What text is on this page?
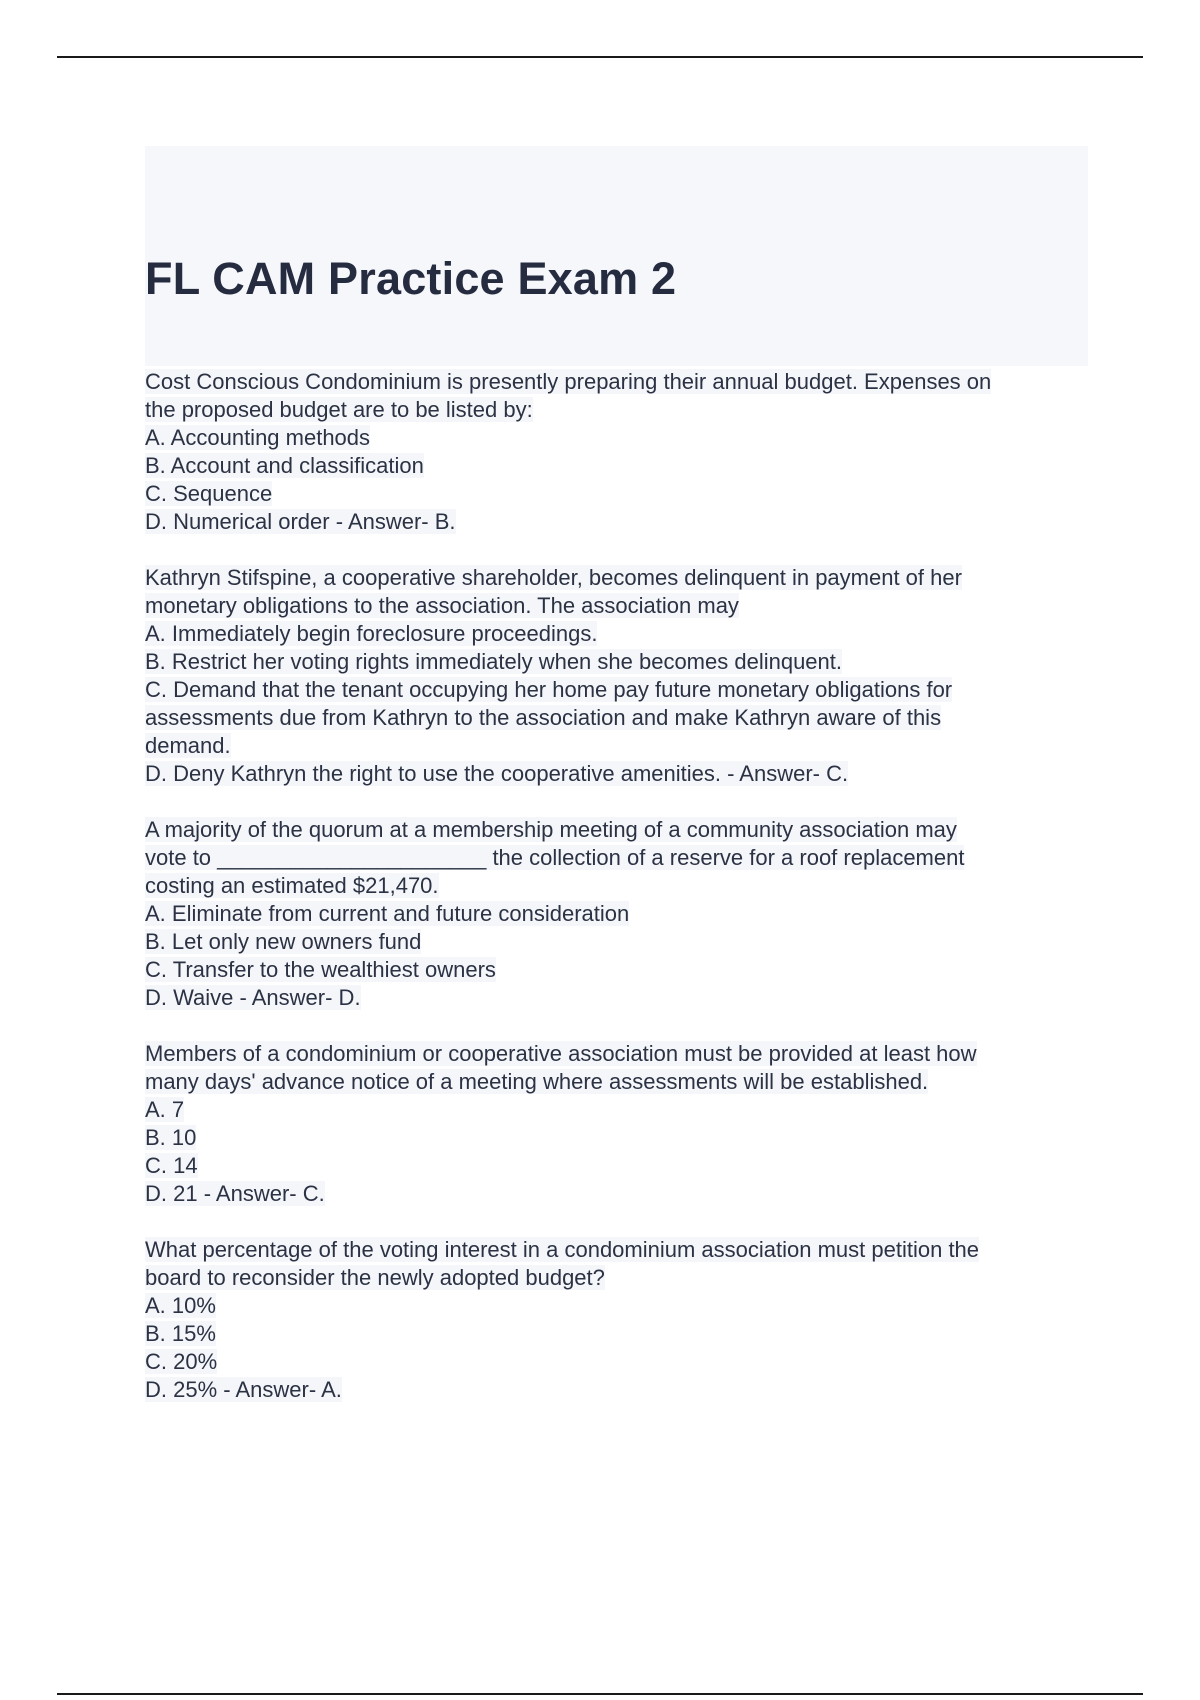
FL CAM Practice Exam 2
Cost Conscious Condominium is presently preparing their annual budget. Expenses on
the proposed budget are to be listed by:
A. Accounting methods
B. Account and classification
C. Sequence
D. Numerical order - Answer- B.
Kathryn Stifspine, a cooperative shareholder, becomes delinquent in payment of her
monetary obligations to the association. The association may
A. Immediately begin foreclosure proceedings.
B. Restrict her voting rights immediately when she becomes delinquent.
C. Demand that the tenant occupying her home pay future monetary obligations for
assessments due from Kathryn to the association and make Kathryn aware of this
demand.
D. Deny Kathryn the right to use the cooperative amenities. - Answer- C.
A majority of the quorum at a membership meeting of a community association may
vote to ______________________ the collection of a reserve for a roof replacement
costing an estimated $21,470.
A. Eliminate from current and future consideration
B. Let only new owners fund
C. Transfer to the wealthiest owners
D. Waive - Answer- D.
Members of a condominium or cooperative association must be provided at least how
many days' advance notice of a meeting where assessments will be established.
A. 7
B. 10
C. 14
D. 21 - Answer- C.
What percentage of the voting interest in a condominium association must petition the
board to reconsider the newly adopted budget?
A. 10%
B. 15%
C. 20%
D. 25% - Answer- A.
